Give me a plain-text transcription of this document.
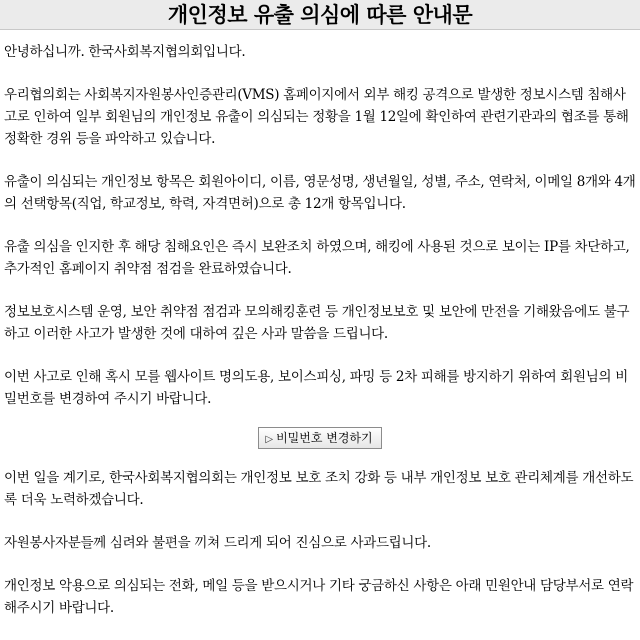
개인정보 유출 의심에 따른 안내문

안녕하십니까. 한국사회복지협의회입니다.

우리협의회는 사회복지자원봉사인증관리(VMS) 홈페이지에서 외부 해킹 공격으로 발생한 정보시스템 침해사고로 인하여 일부 회원님의 개인정보 유출이 의심되는 정황을 1월 12일에 확인하여 관련기관과의 협조를 통해 정확한 경위 등을 파악하고 있습니다.

유출이 의심되는 개인정보 항목은 회원아이디, 이름, 영문성명, 생년월일, 성별, 주소, 연락처, 이메일 8개와 4개의 선택항목(직업, 학교정보, 학력, 자격면허)으로 총 12개 항목입니다.

유출 의심을 인지한 후 해당 침해요인은 즉시 보완조치 하였으며, 해킹에 사용된 것으로 보이는 IP를 차단하고, 추가적인 홈페이지 취약점 점검을 완료하였습니다.

정보보호시스템 운영, 보안 취약점 점검과 모의해킹훈련 등 개인정보보호 및 보안에 만전을 기해왔음에도 불구하고 이러한 사고가 발생한 것에 대하여 깊은 사과 말씀을 드립니다.

이번 사고로 인해 혹시 모를 웹사이트 명의도용, 보이스피싱, 파밍 등 2차 피해를 방지하기 위하여 회원님의 비밀번호를 변경하여 주시기 바랍니다.

▷ 비밀번호 변경하기

이번 일을 계기로, 한국사회복지협의회는 개인정보 보호 조치 강화 등 내부 개인정보 보호 관리체계를 개선하도록 더욱 노력하겠습니다.

자원봉사자분들께 심려와 불편을 끼쳐 드리게 되어 진심으로 사과드립니다.

개인정보 악용으로 의심되는 전화, 메일 등을 받으시거나 기타 궁금하신 사항은 아래 민원안내 담당부서로 연락해주시기 바랍니다.
